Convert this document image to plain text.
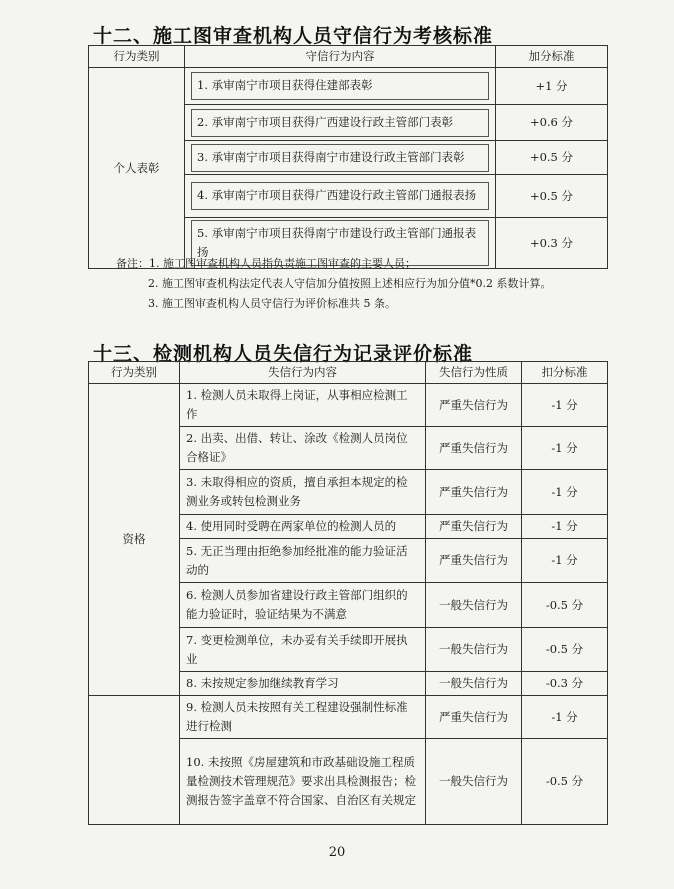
十二、施工图审查机构人员守信行为考核标准
行为类别	守信行为内容	加分标准
个人表彰	1. 承审南宁市项目获得住建部表彰	+1 分

	2. 承审南宁市项目获得广西建设行政主管部门表彰	+0.6 分

	3. 承审南宁市项目获得南宁市建设行政主管部门表彰	+0.5 分

	4. 承审南宁市项目获得广西建设行政主管部门通报表扬	+0.5 分

	5. 承审南宁市项目获得南宁市建设行政主管部门通报表扬	+0.3 分
备注：1. 施工图审查机构人员指负责施工图审查的主要人员；
2. 施工图审查机构法定代表人守信加分值按照上述相应行为加分值*0.2 系数计算。
3. 施工图审查机构人员守信行为评价标准共 5 条。
十三、检测机构人员失信行为记录评价标准
行为类别	失信行为内容	失信行为性质	扣分标准
资格	1. 检测人员未取得上岗证，从事相应检测工作	严重失信行为	-1 分
	2. 出卖、出借、转让、涂改《检测人员岗位合格证》	严重失信行为	-1 分
	3. 未取得相应的资质，擅自承担本规定的检测业务或转包检测业务	严重失信行为	-1 分
	4. 使用同时受聘在两家单位的检测人员的	严重失信行为	-1 分
	5. 无正当理由拒绝参加经批准的能力验证活动的	严重失信行为	-1 分
	6. 检测人员参加省建设行政主管部门组织的能力验证时，验证结果为不满意	一般失信行为	-0.5 分
	7. 变更检测单位，未办妥有关手续即开展执业	一般失信行为	-0.5 分
	8. 未按规定参加继续教育学习	一般失信行为	-0.3 分
	9. 检测人员未按照有关工程建设强制性标准进行检测	严重失信行为	-1 分
	10. 未按照《房屋建筑和市政基础设施工程质量检测技术管理规范》要求出具检测报告；检测报告签字盖章不符合国家、自治区有关规定	一般失信行为	-0.5 分
20
